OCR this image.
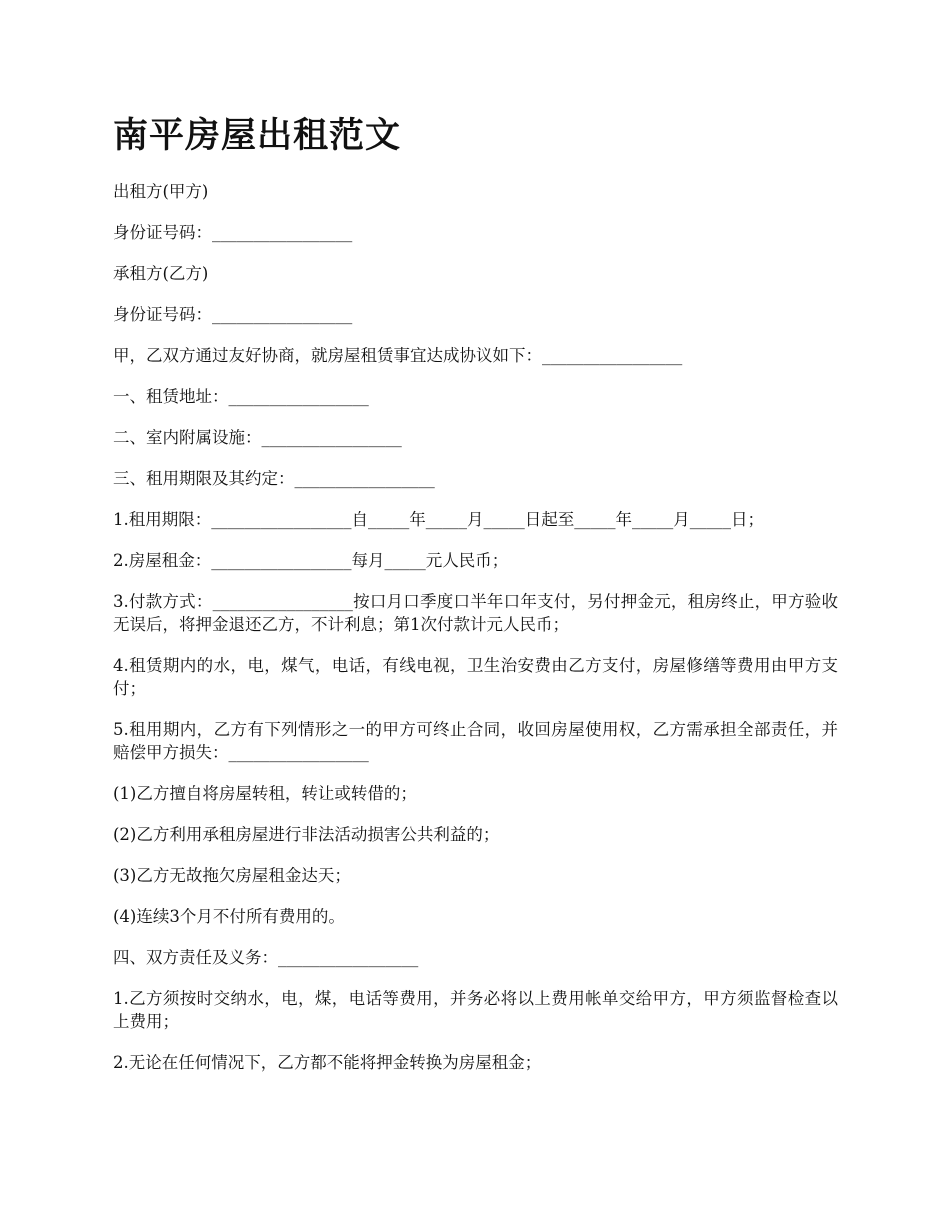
南平房屋出租范文

出租方(甲方)

身份证号码：_________________

承租方(乙方)

身份证号码：_________________

甲，乙双方通过友好协商，就房屋租赁事宜达成协议如下：_________________

一、租赁地址：_________________

二、室内附属设施：_________________

三、租用期限及其约定：_________________

1.租用期限：_________________自_____年_____月_____日起至_____年_____月_____日；

2.房屋租金：_________________每月_____元人民币；

3.付款方式：_________________按口月口季度口半年口年支付，另付押金元，租房终止，甲方验收无误后，将押金退还乙方，不计利息；第1次付款计元人民币；

4.租赁期内的水，电，煤气，电话，有线电视，卫生治安费由乙方支付，房屋修缮等费用由甲方支付；

5.租用期内，乙方有下列情形之一的甲方可终止合同，收回房屋使用权，乙方需承担全部责任，并赔偿甲方损失：_________________

(1)乙方擅自将房屋转租，转让或转借的；

(2)乙方利用承租房屋进行非法活动损害公共利益的；

(3)乙方无故拖欠房屋租金达天；

(4)连续3个月不付所有费用的。

四、双方责任及义务：_________________

1.乙方须按时交纳水，电，煤，电话等费用，并务必将以上费用帐单交给甲方，甲方须监督检查以上费用；

2.无论在任何情况下，乙方都不能将押金转换为房屋租金；
